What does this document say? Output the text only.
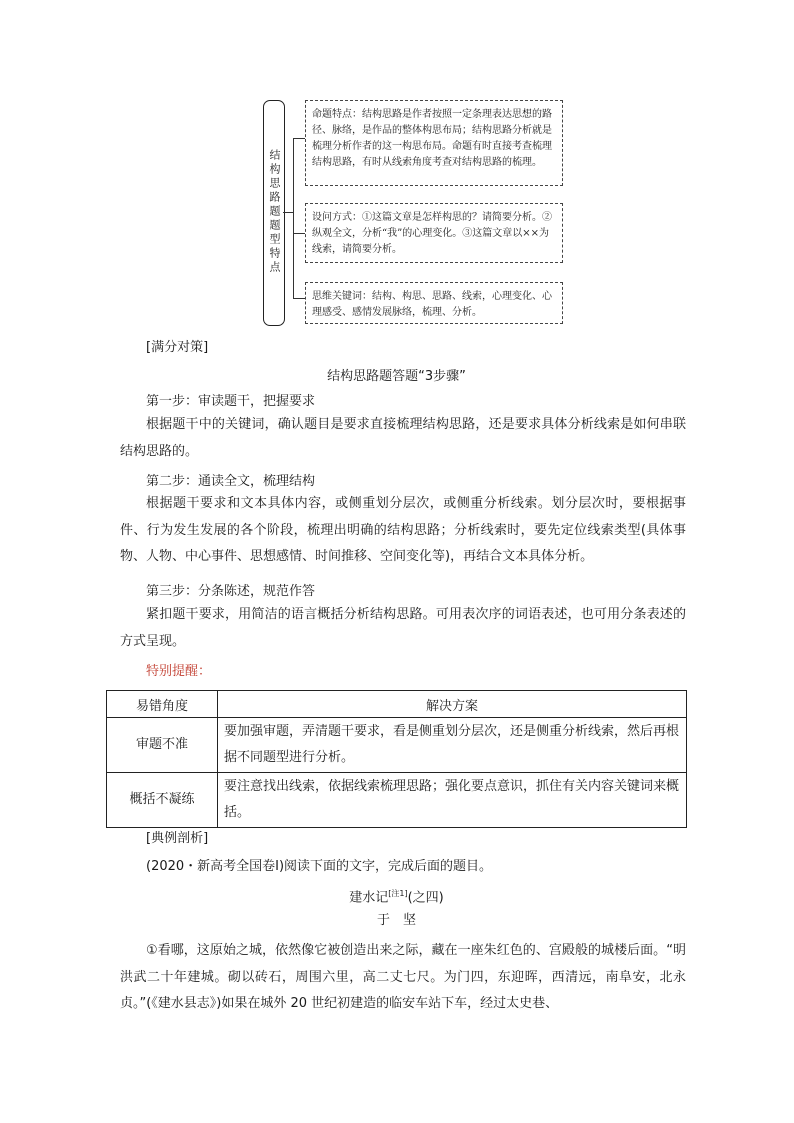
结构思路题题型特点
命题特点：结构思路是作者按照一定条理表达思想的路径、脉络，是作品的整体构思布局；结构思路分析就是梳理分析作者的这一构思布局。命题有时直接考查梳理结构思路，有时从线索角度考查对结构思路的梳理。
设问方式：①这篇文章是怎样构思的？请简要分析。②纵观全文，分析“我”的心理变化。③这篇文章以××为线索，请简要分析。
思维关键词：结构、构思、思路、线索，心理变化、心理感受、感情发展脉络，梳理、分析。
[满分对策]
结构思路题答题“3步骤”
第一步：审读题干，把握要求
根据题干中的关键词，确认题目是要求直接梳理结构思路，还是要求具体分析线索是如何串联结构思路的。
第二步：通读全文，梳理结构
根据题干要求和文本具体内容，或侧重划分层次，或侧重分析线索。划分层次时，要根据事件、行为发生发展的各个阶段，梳理出明确的结构思路；分析线索时，要先定位线索类型(具体事物、人物、中心事件、思想感情、时间推移、空间变化等)，再结合文本具体分析。
第三步：分条陈述，规范作答
紧扣题干要求，用简洁的语言概括分析结构思路。可用表次序的词语表述，也可用分条表述的方式呈现。
特别提醒：
易错角度	解决方案
审题不准	要加强审题，弄清题干要求，看是侧重划分层次，还是侧重分析线索，然后再根据不同题型进行分析。
概括不凝练	要注意找出线索，依据线索梳理思路；强化要点意识，抓住有关内容关键词来概括。
[典例剖析]
(2020・新高考全国卷Ⅰ)阅读下面的文字，完成后面的题目。
建水记[注1](之四)
于　坚
①看哪，这原始之城，依然像它被创造出来之际，藏在一座朱红色的、宫殿般的城楼后面。“明洪武二十年建城。砌以砖石，周围六里，高二丈七尺。为门四，东迎晖，西清远，南阜安，北永贞。”(《建水县志》)如果在城外 20 世纪初建造的临安车站下车，经过太史巷、
